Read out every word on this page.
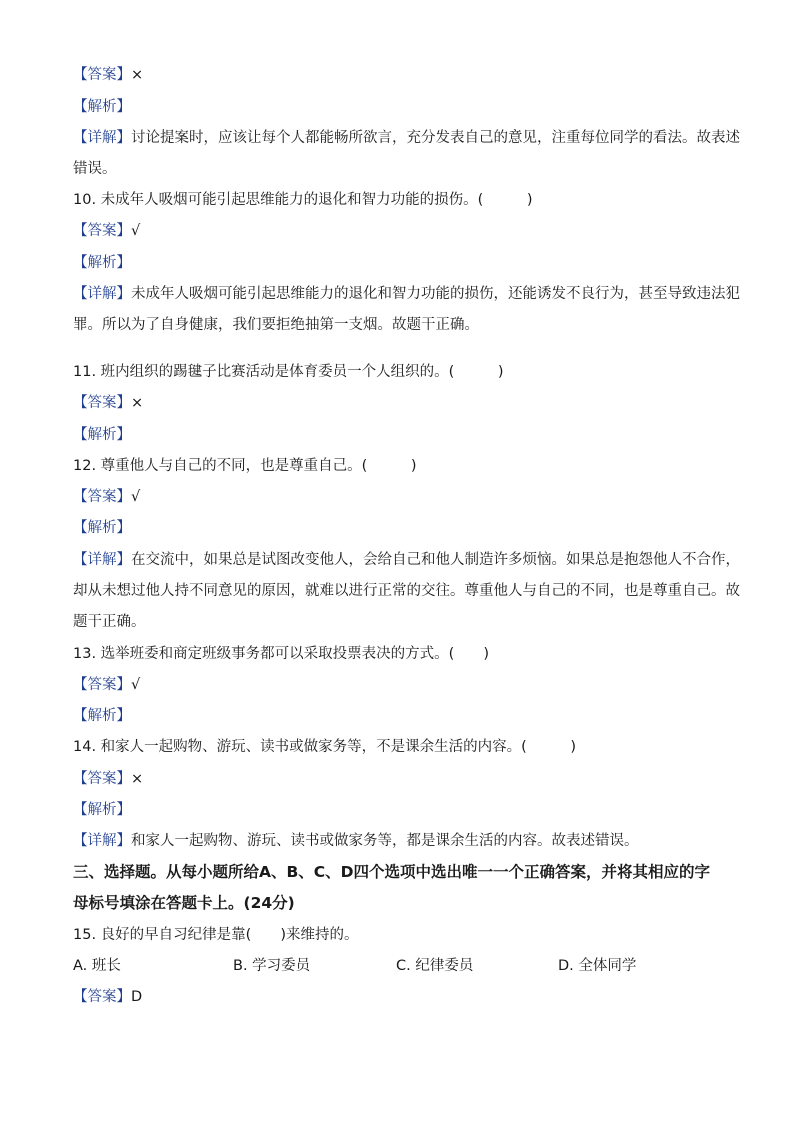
【答案】×
【解析】
【详解】讨论提案时，应该让每个人都能畅所欲言，充分发表自己的意见，注重每位同学的看法。故表述
错误。
10. 未成年人吸烟可能引起思维能力的退化和智力功能的损伤。(　　　)
【答案】√
【解析】
【详解】未成年人吸烟可能引起思维能力的退化和智力功能的损伤，还能诱发不良行为，甚至导致违法犯
罪。所以为了自身健康，我们要拒绝抽第一支烟。故题干正确。
11. 班内组织的踢毽子比赛活动是体育委员一个人组织的。(　　　)
【答案】×
【解析】
12. 尊重他人与自己的不同，也是尊重自己。(　　　)
【答案】√
【解析】
【详解】在交流中，如果总是试图改变他人，会给自己和他人制造许多烦恼。如果总是抱怨他人不合作，
却从未想过他人持不同意见的原因，就难以进行正常的交往。尊重他人与自己的不同，也是尊重自己。故
题干正确。
13. 选举班委和商定班级事务都可以采取投票表决的方式。(　　)
【答案】√
【解析】
14. 和家人一起购物、游玩、读书或做家务等，不是课余生活的内容。(　　　)
【答案】×
【解析】
【详解】和家人一起购物、游玩、读书或做家务等，都是课余生活的内容。故表述错误。
三、选择题。从每小题所给A、B、C、D四个选项中选出唯一一个正确答案，并将其相应的字
母标号填涂在答题卡上。(24分)
15. 良好的早自习纪律是靠(　　)来维持的。
A. 班长	B. 学习委员	C. 纪律委员	D. 全体同学
【答案】D
